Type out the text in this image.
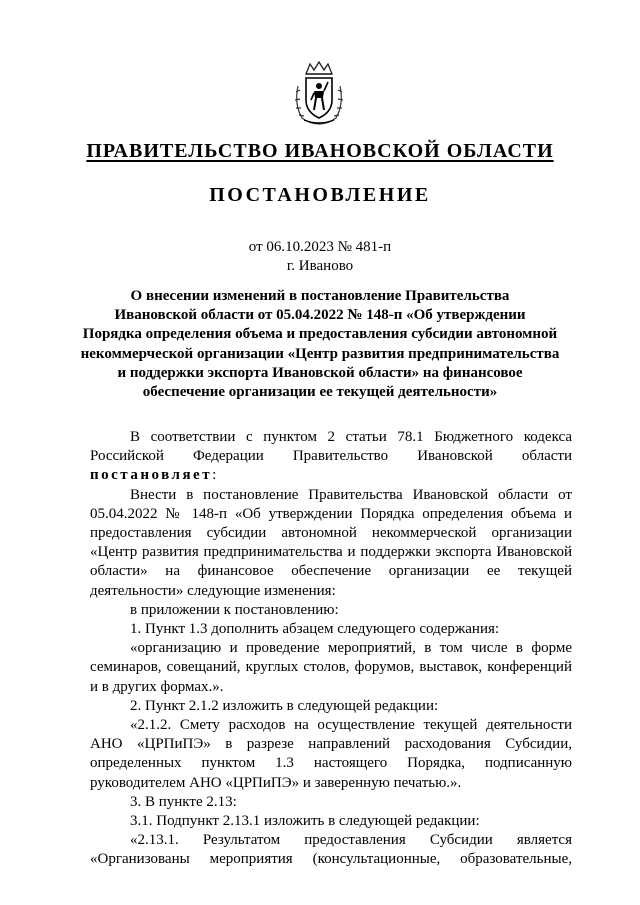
ПРАВИТЕЛЬСТВО ИВАНОВСКОЙ ОБЛАСТИ
ПОСТАНОВЛЕНИЕ
от 06.10.2023 № 481-п
г. Иваново
О внесении изменений в постановление Правительства
Ивановской области от 05.04.2022 № 148-п «Об утверждении
Порядка определения объема и предоставления субсидии автономной
некоммерческой организации «Центр развития предпринимательства
и поддержки экспорта Ивановской области» на финансовое
обеспечение организации ее текущей деятельности»

В соответствии с пунктом 2 статьи 78.1 Бюджетного кодекса Российской Федерации Правительство Ивановской области постановляет:

Внести в постановление Правительства Ивановской области от 05.04.2022 № 148-п «Об утверждении Порядка определения объема и предоставления субсидии автономной некоммерческой организации «Центр развития предпринимательства и поддержки экспорта Ивановской области» на финансовое обеспечение организации ее текущей деятельности» следующие изменения:

в приложении к постановлению:

1. Пункт 1.3 дополнить абзацем следующего содержания:

«организацию и проведение мероприятий, в том числе в форме семинаров, совещаний, круглых столов, форумов, выставок, конференций и в других формах.».

2. Пункт 2.1.2 изложить в следующей редакции:

«2.1.2. Смету расходов на осуществление текущей деятельности АНО «ЦРПиПЭ» в разрезе направлений расходования Субсидии, определенных пунктом 1.3 настоящего Порядка, подписанную руководителем АНО «ЦРПиПЭ» и заверенную печатью.».

3. В пункте 2.13:

3.1. Подпункт 2.13.1 изложить в следующей редакции:

«2.13.1. Результатом предоставления Субсидии является «Организованы мероприятия (консультационные, образовательные,
